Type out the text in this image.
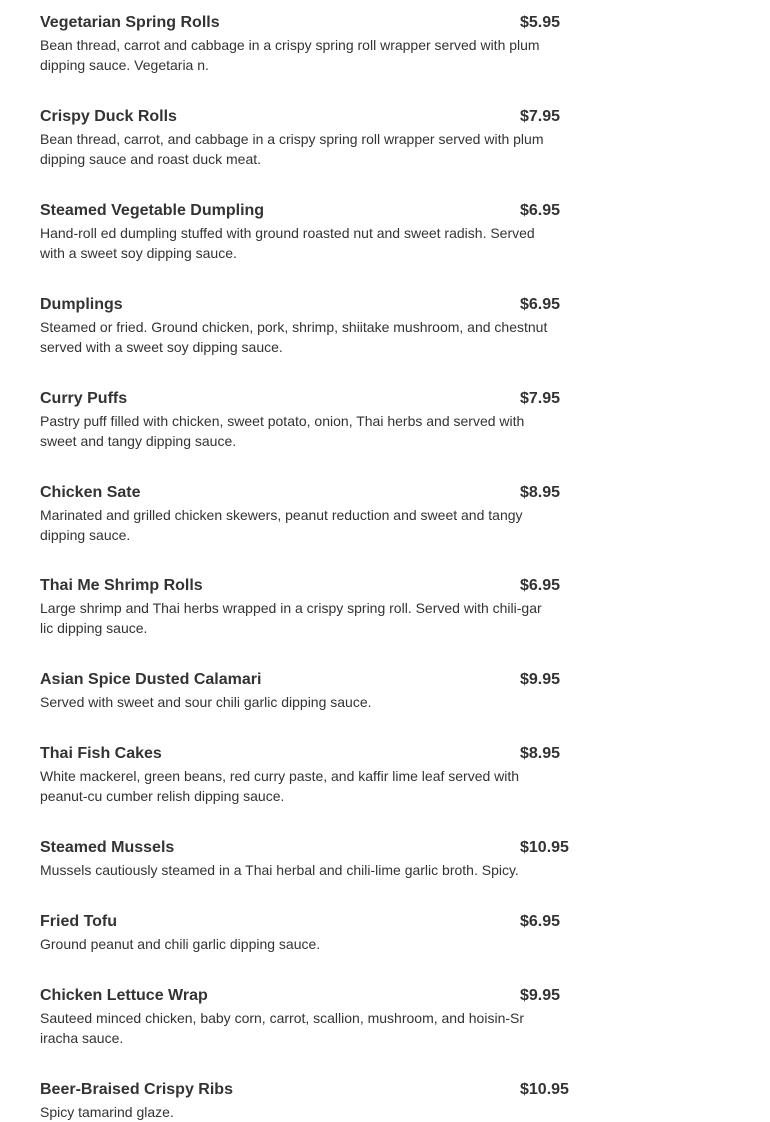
Vegetarian Spring Rolls	$5.95
Bean thread, carrot and cabbage in a crispy spring roll wrapper served with plum dipping sauce. Vegetaria n.
Crispy Duck Rolls	$7.95
Bean thread, carrot, and cabbage in a crispy spring roll wrapper served with plum dipping sauce and roast duck meat.
Steamed Vegetable Dumpling	$6.95
Hand-roll ed dumpling stuffed with ground roasted nut and sweet radish. Served with a sweet soy dipping sauce.
Dumplings	$6.95
Steamed or fried. Ground chicken, pork, shrimp, shiitake mushroom, and chestnut served with a sweet soy dipping sauce.
Curry Puffs	$7.95
Pastry puff filled with chicken, sweet potato, onion, Thai herbs and served with sweet and tangy dipping sauce.
Chicken Sate	$8.95
Marinated and grilled chicken skewers, peanut reduction and sweet and tangy dipping sauce.
Thai Me Shrimp Rolls	$6.95
Large shrimp and Thai herbs wrapped in a crispy spring roll. Served with chili-gar lic dipping sauce.
Asian Spice Dusted Calamari	$9.95
Served with sweet and sour chili garlic dipping sauce.
Thai Fish Cakes	$8.95
White mackerel, green beans, red curry paste, and kaffir lime leaf served with peanut-cu cumber relish dipping sauce.
Steamed Mussels	$10.95
Mussels cautiously steamed in a Thai herbal and chili-lime garlic broth. Spicy.
Fried Tofu	$6.95
Ground peanut and chili garlic dipping sauce.
Chicken Lettuce Wrap	$9.95
Sauteed minced chicken, baby corn, carrot, scallion, mushroom, and hoisin-Sr iracha sauce.
Beer-Braised Crispy Ribs	$10.95
Spicy tamarind glaze.
